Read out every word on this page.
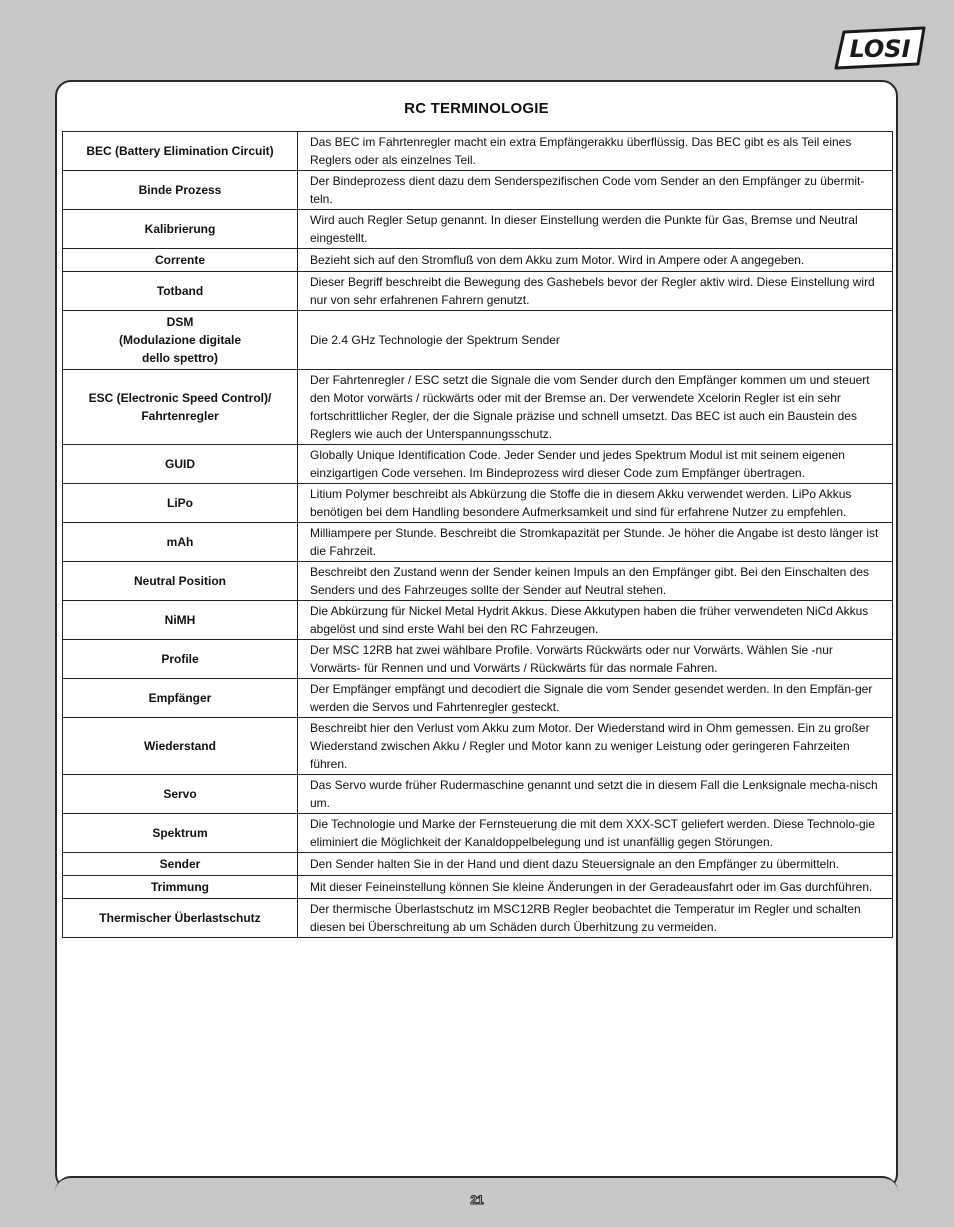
LOSI
RC TERMINOLOGIE
BEC (Battery Elimination Circuit)	Das BEC im Fahrtenregler macht ein extra Empfängerakku überflüssig. Das BEC gibt es als Teil eines Reglers oder als einzelnes Teil.
Binde Prozess	Der Bindeprozess dient dazu dem Senderspezifischen Code vom Sender an den Empfänger zu übermit-teln.
Kalibrierung	Wird auch Regler Setup genannt. In dieser Einstellung werden die Punkte für Gas, Bremse und Neutral eingestellt.
Corrente	Bezieht sich auf den Stromfluß von dem Akku zum Motor. Wird in Ampere oder A angegeben.
Totband	Dieser Begriff beschreibt die Bewegung des Gashebels bevor der Regler aktiv wird. Diese Einstellung wird nur von sehr erfahrenen Fahrern genutzt.
DSM
(Modulazione digitale
dello spettro)	Die 2.4 GHz Technologie der Spektrum Sender
ESC (Electronic Speed Control)/ Fahrtenregler	Der Fahrtenregler / ESC setzt die Signale die vom Sender durch den Empfänger kommen um und steuert den Motor vorwärts / rückwärts oder mit der Bremse an. Der verwendete Xcelorin Regler ist ein sehr fortschrittlicher Regler, der die Signale präzise und schnell umsetzt. Das BEC ist auch ein Baustein des Reglers wie auch der Unterspannungsschutz.
GUID	Globally Unique Identification Code. Jeder Sender und jedes Spektrum Modul ist mit seinem eigenen einzigartigen Code versehen. Im Bindeprozess wird dieser Code zum Empfänger übertragen.
LiPo	Litium Polymer beschreibt als Abkürzung die Stoffe die in diesem Akku verwendet werden. LiPo Akkus benötigen bei dem Handling besondere Aufmerksamkeit und sind für erfahrene Nutzer zu empfehlen.
mAh	Milliampere per Stunde. Beschreibt die Stromkapazität per Stunde. Je höher die Angabe ist desto länger ist die Fahrzeit.
Neutral Position	Beschreibt den Zustand wenn der Sender keinen Impuls an den Empfänger gibt. Bei den Einschalten des Senders und des Fahrzeuges sollte der Sender auf Neutral stehen.
NiMH	Die Abkürzung für Nickel Metal Hydrit Akkus. Diese Akkutypen haben die früher verwendeten NiCd Akkus abgelöst und sind erste Wahl bei den RC Fahrzeugen.
Profile	Der MSC 12RB hat zwei wählbare Profile. Vorwärts Rückwärts oder nur Vorwärts. Wählen Sie -nur Vorwärts- für Rennen und und Vorwärts / Rückwärts für das normale Fahren.
Empfänger	Der Empfänger empfängt und decodiert die Signale die vom Sender gesendet werden. In den Empfän-ger werden die Servos und Fahrtenregler gesteckt.
Wiederstand	Beschreibt hier den Verlust vom Akku zum Motor. Der Wiederstand wird in Ohm gemessen. Ein zu großer Wiederstand zwischen Akku / Regler und Motor kann zu weniger Leistung oder geringeren Fahrzeiten führen.
Servo	Das Servo wurde früher Rudermaschine genannt und setzt die in diesem Fall die Lenksignale mecha-nisch um.
Spektrum	Die Technologie und Marke der Fernsteuerung die mit dem XXX-SCT geliefert werden. Diese Technolo-gie eliminiert die Möglichkeit der Kanaldoppelbelegung und ist unanfällig gegen Störungen.
Sender	Den Sender halten Sie in der Hand und dient dazu Steuersignale an den Empfänger zu übermitteln.
Trimmung	Mit dieser Feineinstellung können Sie kleine Änderungen in der Geradeausfahrt oder im Gas durchführen.
Thermischer Überlastschutz	Der thermische Überlastschutz im MSC12RB Regler beobachtet die Temperatur im Regler und schalten diesen bei Überschreitung ab um Schäden durch Überhitzung zu vermeiden.
21
